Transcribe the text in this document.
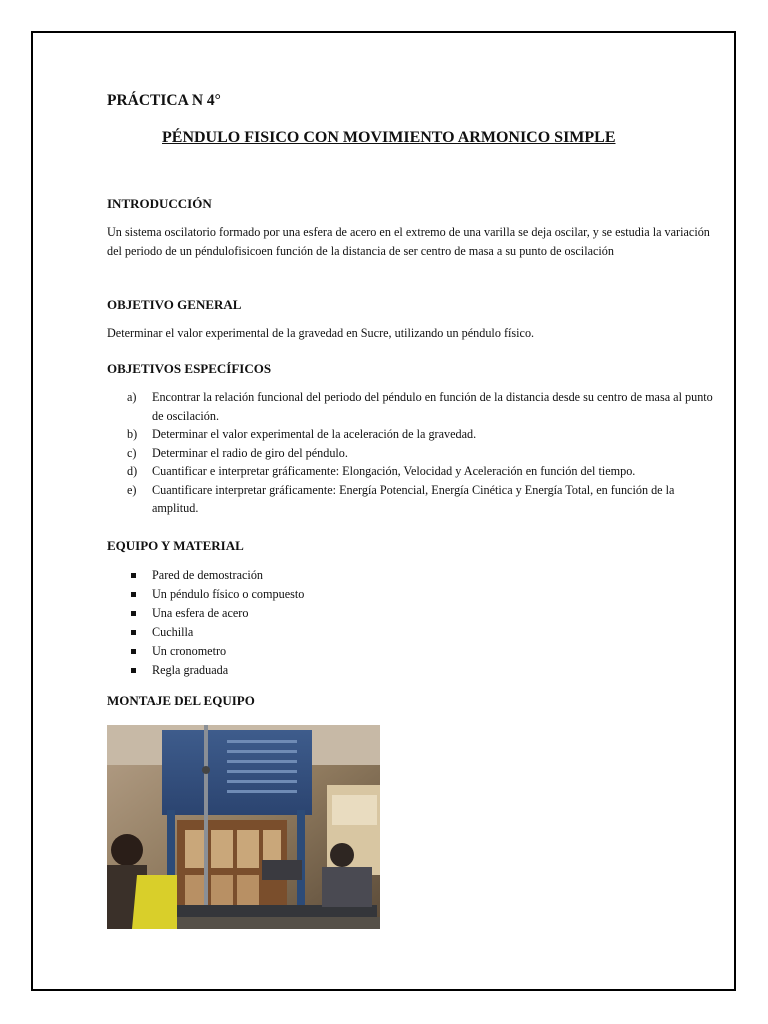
PRÁCTICA N 4°

PÉNDULO FISICO CON MOVIMIENTO ARMONICO SIMPLE

INTRODUCCIÓN

Un sistema oscilatorio formado por una esfera de acero en el extremo de una varilla se deja oscilar, y se estudia la variación del periodo de un péndulofisicoen función de la distancia de ser centro de masa a su punto de oscilación

OBJETIVO GENERAL

Determinar el valor experimental de la gravedad en Sucre, utilizando un péndulo físico.

OBJETIVOS ESPECÍFICOS

a) Encontrar la relación funcional del periodo del péndulo en función de la distancia desde su centro de masa al punto de oscilación.
b) Determinar el valor experimental de la aceleración de la gravedad.
c) Determinar el radio de giro del péndulo.
d) Cuantificar e interpretar gráficamente: Elongación, Velocidad y Aceleración en función del tiempo.
e) Cuantificare interpretar gráficamente: Energía Potencial, Energía Cinética y Energía Total, en función de la amplitud.

EQUIPO Y MATERIAL

Pared de demostración
Un péndulo físico o compuesto
Una esfera de acero
Cuchilla
Un cronometro
Regla graduada

MONTAJE DEL EQUIPO
